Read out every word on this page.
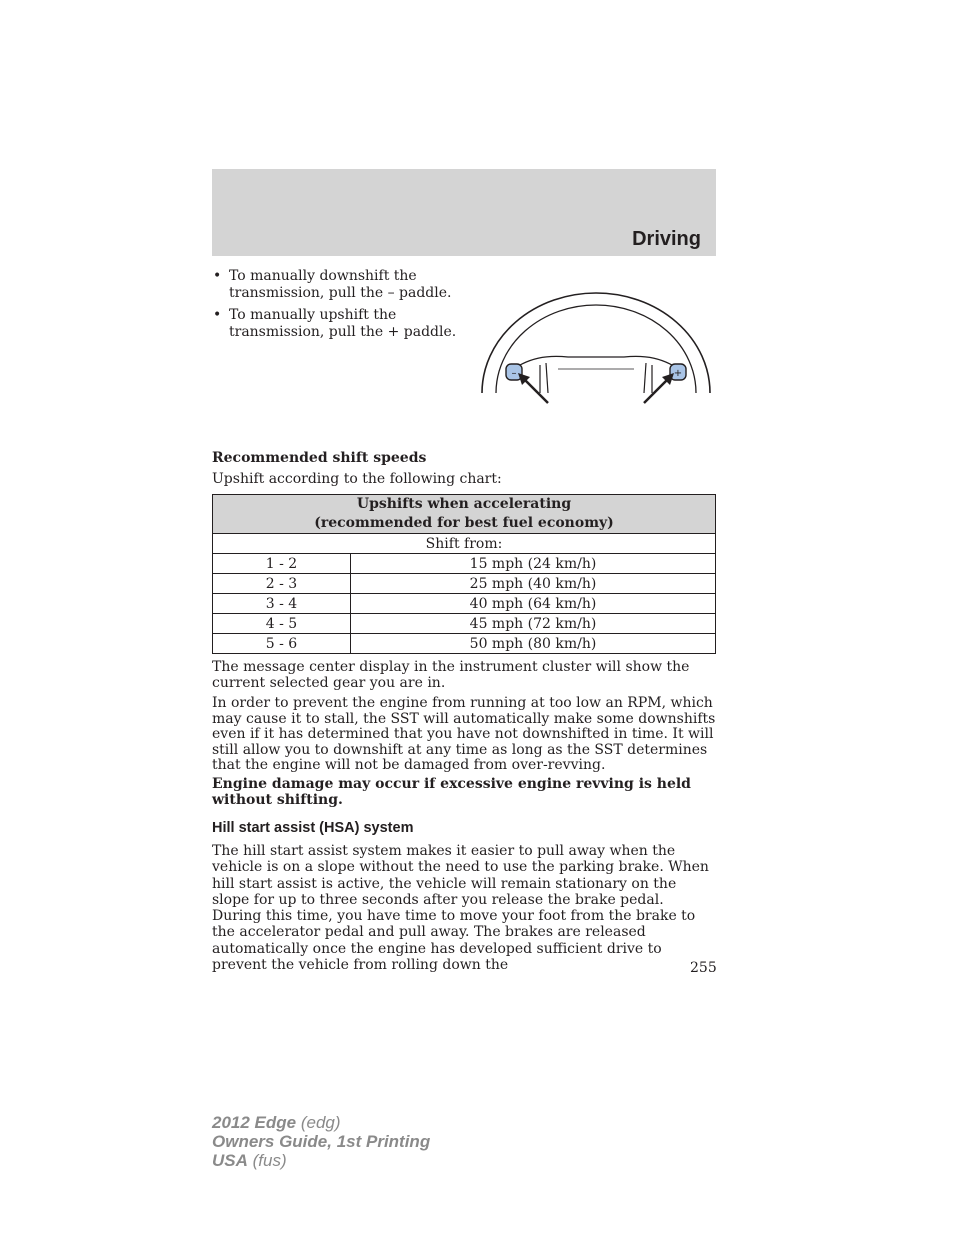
Driving
• To manually downshift the transmission, pull the – paddle.
• To manually upshift the transmission, pull the + paddle.
–	+
Recommended shift speeds
Upshift according to the following chart:
Upshifts when accelerating
(recommended for best fuel economy)	
Shift from:	
1 - 2	15 mph (24 km/h)
2 - 3	25 mph (40 km/h)
3 - 4	40 mph (64 km/h)
4 - 5	45 mph (72 km/h)
5 - 6	50 mph (80 km/h)

The message center display in the instrument cluster will show the current selected gear you are in.

In order to prevent the engine from running at too low an RPM, which may cause it to stall, the SST will automatically make some downshifts even if it has determined that you have not downshifted in time. It will still allow you to downshift at any time as long as the SST determines that the engine will not be damaged from over-revving.

Engine damage may occur if excessive engine revving is held without shifting.

Hill start assist (HSA) system

The hill start assist system makes it easier to pull away when the vehicle is on a slope without the need to use the parking brake. When hill start assist is active, the vehicle will remain stationary on the slope for up to three seconds after you release the brake pedal. During this time, you have time to move your foot from the brake to the accelerator pedal and pull away. The brakes are released automatically once the engine has developed sufficient drive to prevent the vehicle from rolling down the	255
2012 Edge (edg)
Owners Guide, 1st Printing
USA (fus)
